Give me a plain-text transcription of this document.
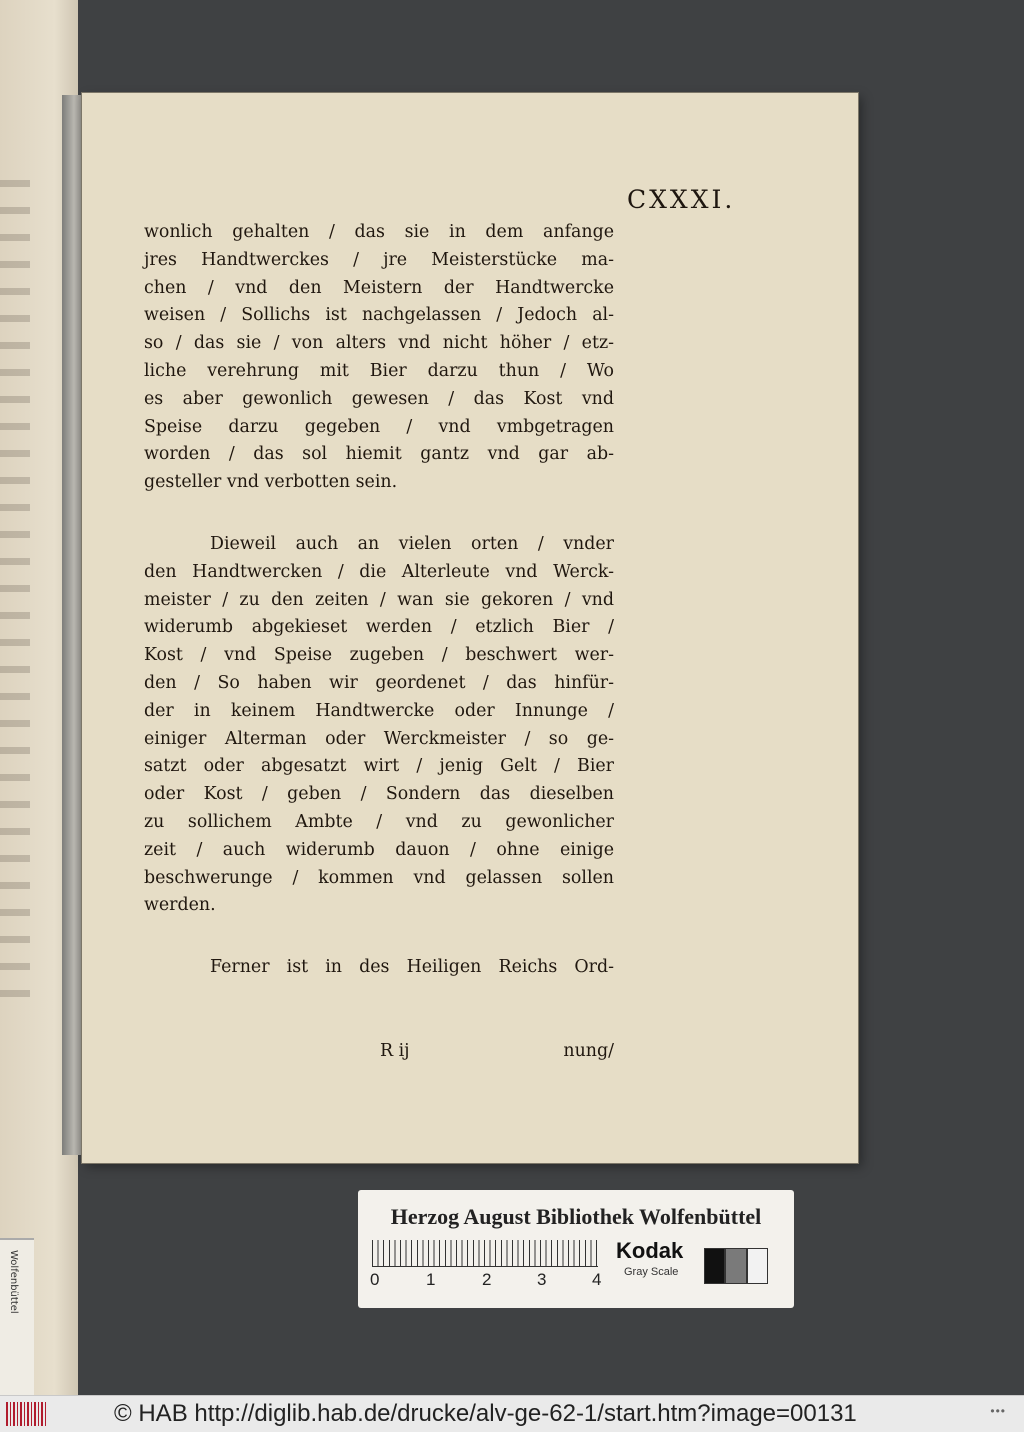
Wolfenbüttel
CXXXI.
wonlich gehalten / das sie in dem anfange
jres Handtwerckes / jre Meisterstücke ma-
chen / vnd den Meistern der Handtwercke
weisen / Sollichs ist nachgelassen / Jedoch al-
so / das sie / von alters vnd nicht höher / etz-
liche verehrung mit Bier darzu thun / Wo
es aber gewonlich gewesen / das Kost vnd
Speise darzu gegeben / vnd vmbgetragen
worden / das sol hiemit gantz vnd gar ab-
gesteller vnd verbotten sein.
Dieweil auch an vielen orten / vnder
den Handtwercken / die Alterleute vnd Werck-
meister / zu den zeiten / wan sie gekoren / vnd
widerumb abgekieset werden / etzlich Bier /
Kost / vnd Speise zugeben / beschwert wer-
den / So haben wir geordenet / das hinfür-
der in keinem Handtwercke oder Innunge /
einiger Alterman oder Werckmeister / so ge-
satzt oder abgesatzt wirt / jenig Gelt / Bier
oder Kost / geben / Sondern das dieselben
zu sollichem Ambte / vnd zu gewonlicher
zeit / auch widerumb dauon / ohne einige
beschwerunge / kommen vnd gelassen sollen
werden.
Ferner ist in des Heiligen Reichs Ord-
R ij	nung/
Herzog August Bibliothek Wolfenbüttel
0	1	2	3	4
Kodak
Gray Scale
© HAB http://diglib.hab.de/drucke/alv-ge-62-1/start.htm?image=00131	•••
